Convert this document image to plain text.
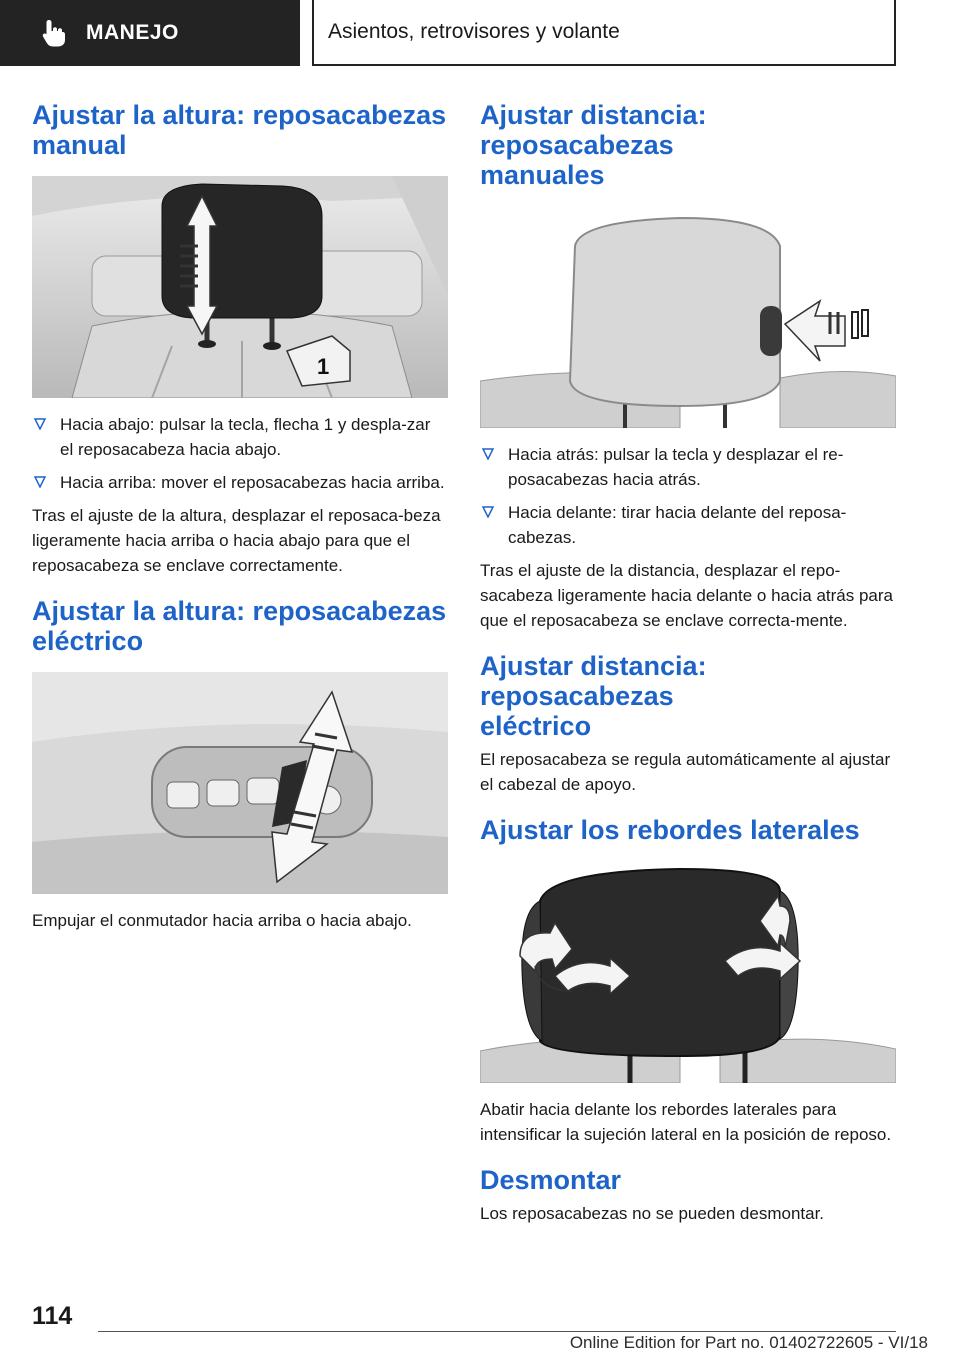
MANEJO	Asientos, retrovisores y volante
Ajustar la altura: reposacabezas
manual
1
Hacia abajo: pulsar la tecla, flecha 1 y despla-zar el reposacabeza hacia abajo.
Hacia arriba: mover el reposacabezas hacia arriba.

Tras el ajuste de la altura, desplazar el reposaca-beza ligeramente hacia arriba o hacia abajo para que el reposacabeza se enclave correctamente.

Ajustar la altura: reposacabezas
eléctrico

Empujar el conmutador hacia arriba o hacia abajo.

Ajustar distancia: reposacabezas
manuales
Hacia atrás: pulsar la tecla y desplazar el re-posacabezas hacia atrás.
Hacia delante: tirar hacia delante del reposa-cabezas.

Tras el ajuste de la distancia, desplazar el repo-sacabeza ligeramente hacia delante o hacia atrás para que el reposacabeza se enclave correcta-mente.

Ajustar distancia: reposacabezas
eléctrico

El reposacabeza se regula automáticamente al ajustar el cabezal de apoyo.

Ajustar los rebordes laterales

Abatir hacia delante los rebordes laterales para intensificar la sujeción lateral en la posición de reposo.

Desmontar

Los reposacabezas no se pueden desmontar.

114
Online Edition for Part no. 01402722605 - VI/18
